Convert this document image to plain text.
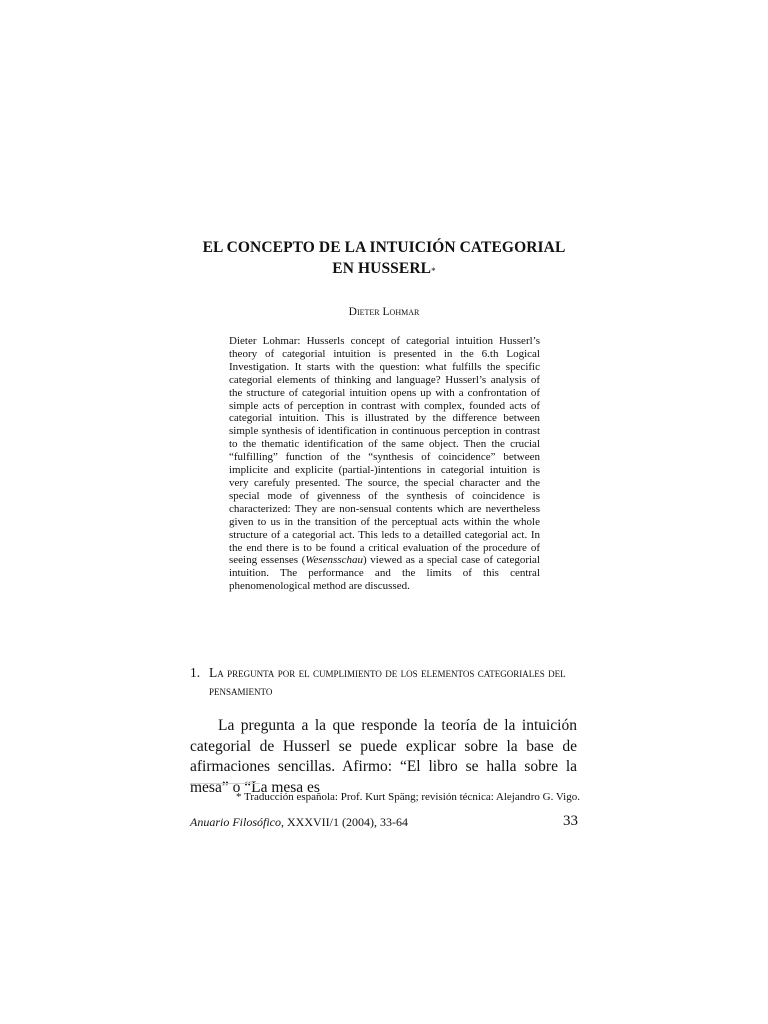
EL CONCEPTO DE LA INTUICIÓN CATEGORIAL
EN HUSSERL*
Dieter Lohmar
Dieter Lohmar: Husserls concept of categorial intuition Husserl’s theory of categorial intuition is presented in the 6.th Logical Investigation. It starts with the question: what fulfills the specific categorial elements of thinking and language? Husserl’s analysis of the structure of categorial intuition opens up with a confrontation of simple acts of perception in contrast with complex, founded acts of categorial intuition. This is illustrated by the difference between simple synthesis of identification in continuous perception in contrast to the thematic identification of the same object. Then the crucial “fulfilling” function of the “synthesis of coincidence” between implicite and explicite (partial-)intentions in categorial intuition is very carefuly presented. The source, the special character and the special mode of givenness of the synthesis of coincidence is characterized: They are non-sensual contents which are nevertheless given to us in the transition of the perceptual acts within the whole structure of a categorial act. This leds to a detailled categorial act. In the end there is to be found a critical evaluation of the procedure of seeing essenses (Wesensschau) viewed as a special case of categorial intuition. The performance and the limits of this central phenomenological method are discussed.
1. La pregunta por el cumplimiento de los elementos categoriales del pensamiento
La pregunta a la que responde la teoría de la intuición categorial de Husserl se puede explicar sobre la base de afirmaciones sencillas. Afirmo: “El libro se halla sobre la mesa” o “La mesa es
* Traducción española: Prof. Kurt Späng; revisión técnica: Alejandro G. Vigo.
Anuario Filosófico, XXXVII/1 (2004), 33-64	33
